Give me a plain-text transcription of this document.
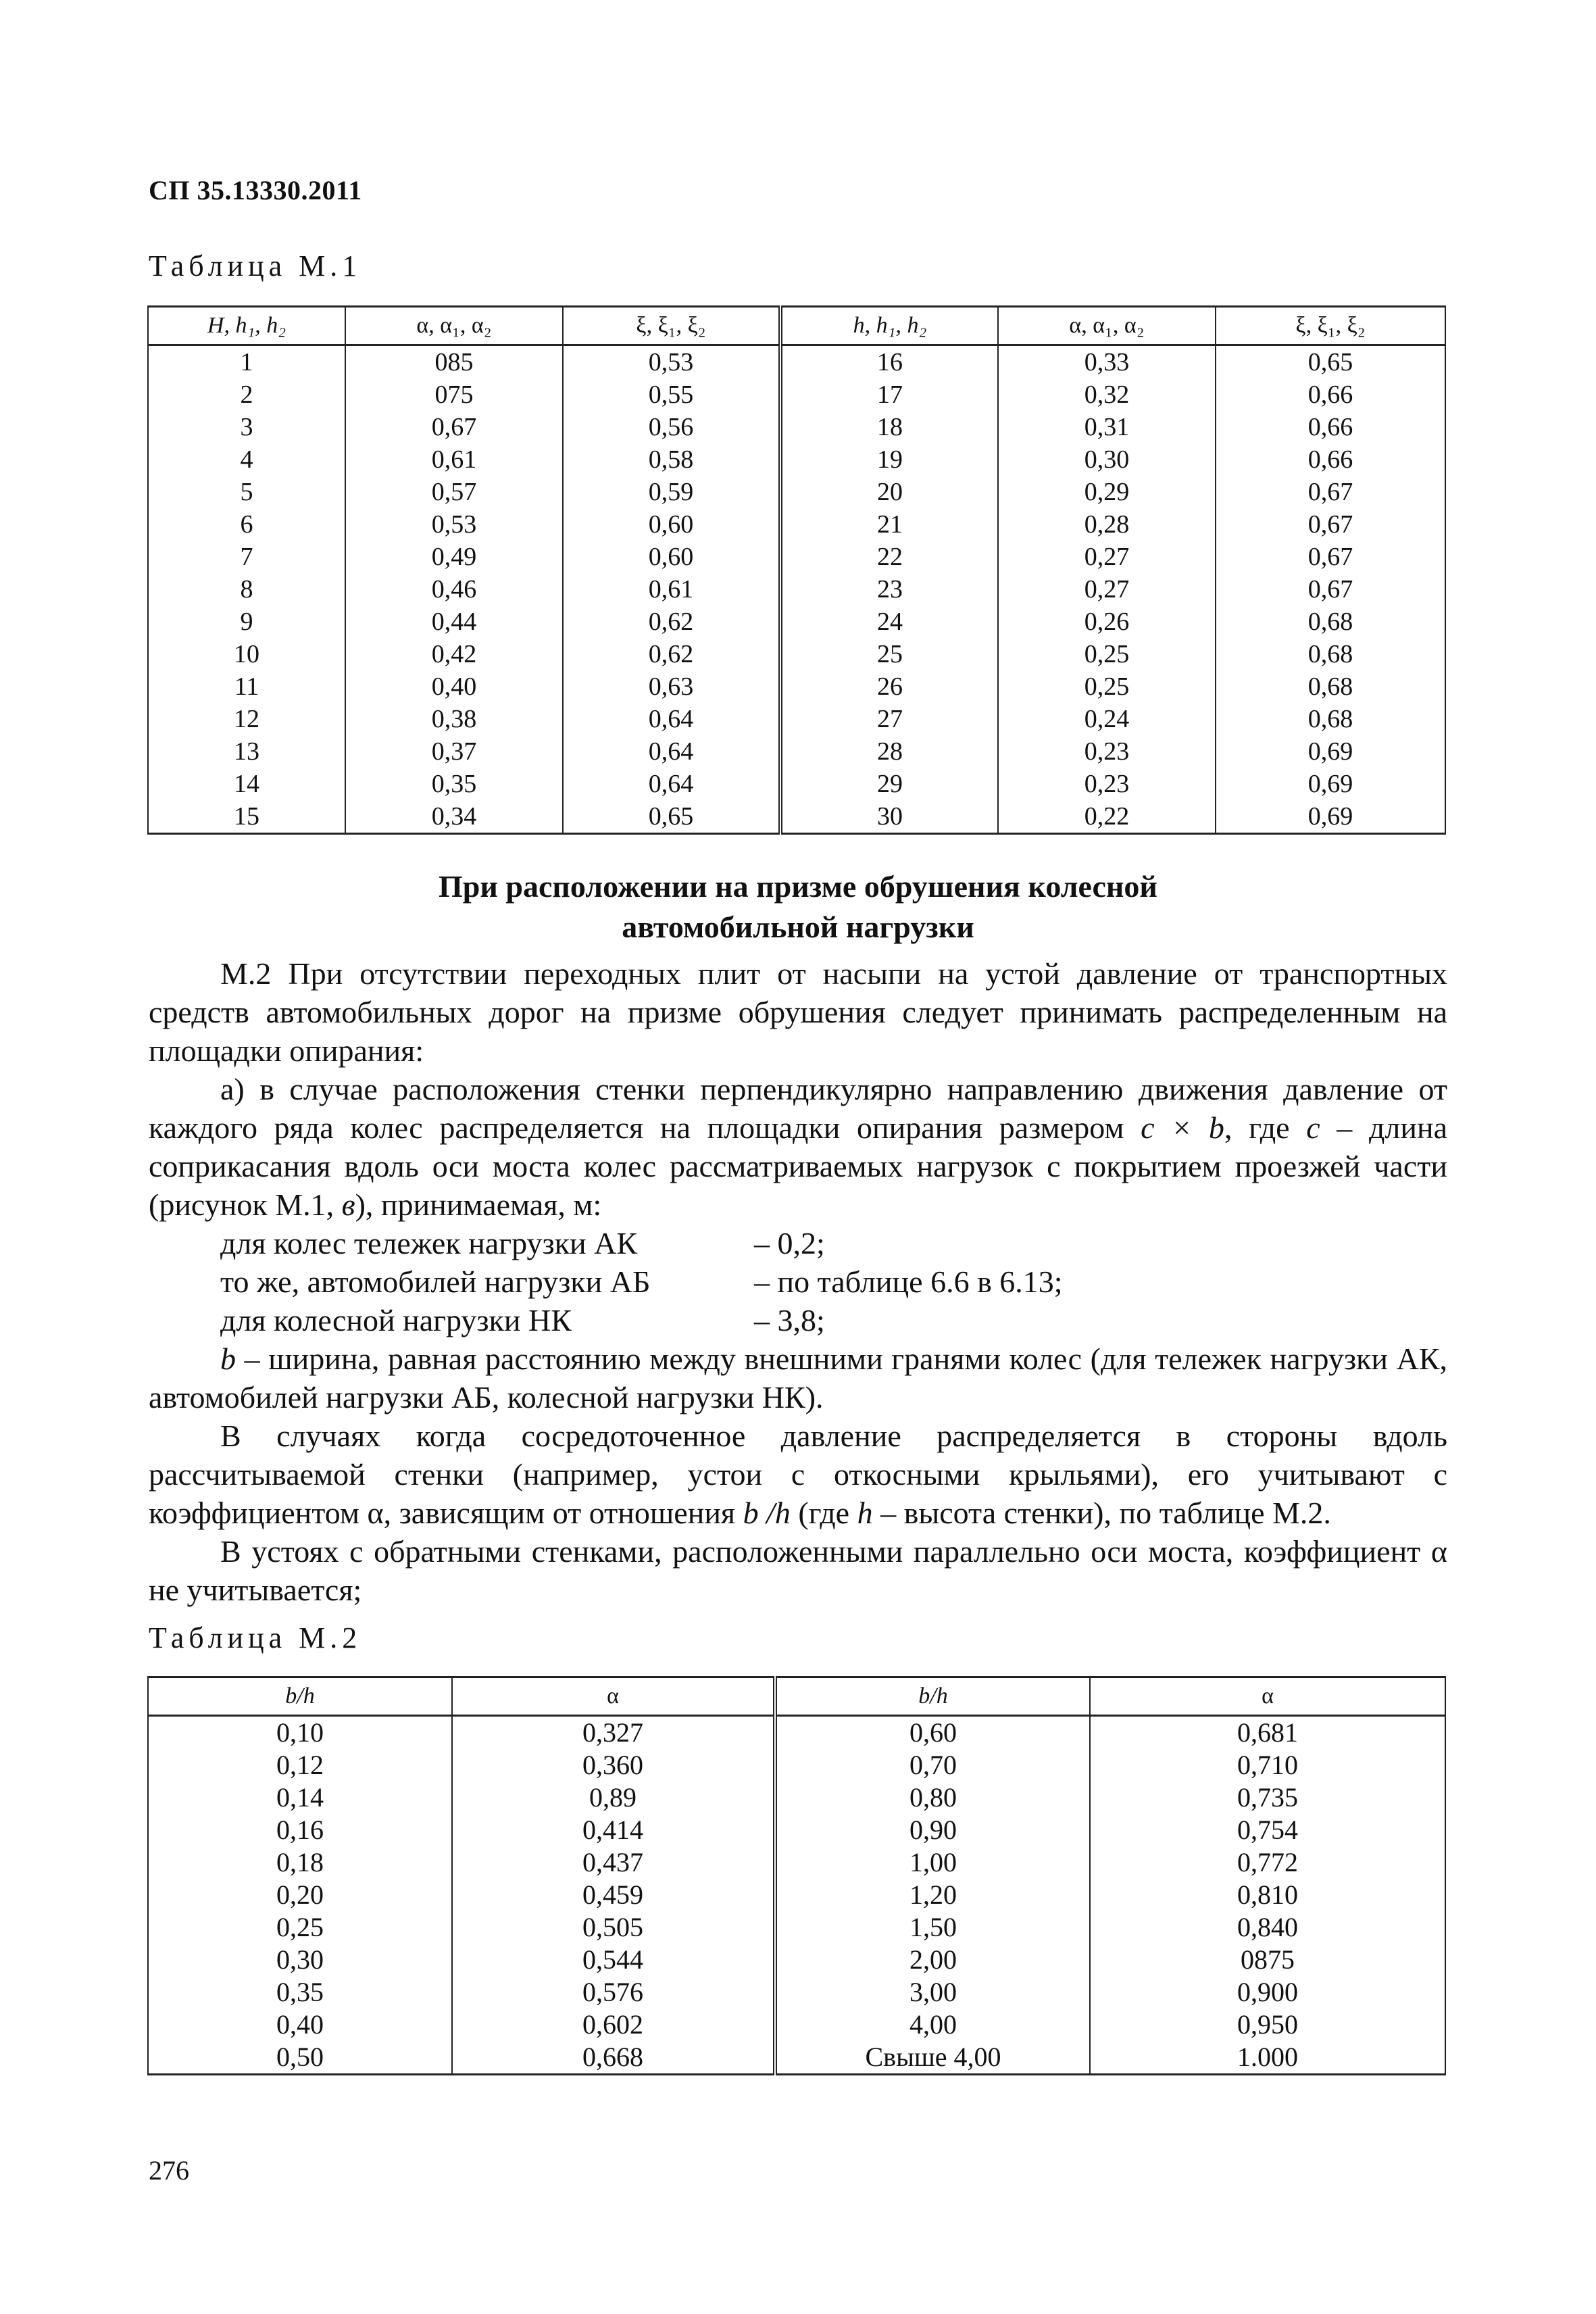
СП 35.13330.2011
Таблица М.1
H, h₁, h₂	α, α₁, α₂	ξ, ξ₁, ξ₂	h, h₁, h₂	α, α₁, α₂	ξ, ξ₁, ξ₂
1	085	0,53	16	0,33	0,65
2	075	0,55	17	0,32	0,66
3	0,67	0,56	18	0,31	0,66
4	0,61	0,58	19	0,30	0,66
5	0,57	0,59	20	0,29	0,67
6	0,53	0,60	21	0,28	0,67
7	0,49	0,60	22	0,27	0,67
8	0,46	0,61	23	0,27	0,67
9	0,44	0,62	24	0,26	0,68
10	0,42	0,62	25	0,25	0,68
11	0,40	0,63	26	0,25	0,68
12	0,38	0,64	27	0,24	0,68
13	0,37	0,64	28	0,23	0,69
14	0,35	0,64	29	0,23	0,69
15	0,34	0,65	30	0,22	0,69
При расположении на призме обрушения колесной
автомобильной нагрузки

М.2 При отсутствии переходных плит от насыпи на устой давление от транспортных средств автомобильных дорог на призме обрушения следует принимать распределенным на площадки опирания:

а) в случае расположения стенки перпендикулярно направлению движения давление от каждого ряда колес распределяется на площадки опирания размером c × b, где c – длина соприкасания вдоль оси моста колес рассматриваемых нагрузок с покрытием проезжей части (рисунок М.1, в), принимаемая, м:

для колес тележек нагрузки АК	– 0,2;
то же, автомобилей нагрузки АБ	– по таблице 6.6 в 6.13;
для колесной нагрузки НК	– 3,8;

b – ширина, равная расстоянию между внешними гранями колес (для тележек нагрузки АК, автомобилей нагрузки АБ, колесной нагрузки НК).

В случаях когда сосредоточенное давление распределяется в стороны вдоль рассчитываемой стенки (например, устои с откосными крыльями), его учитывают с коэффициентом α, зависящим от отношения b /h (где h – высота стенки), по таблице М.2.

В устоях с обратными стенками, расположенными параллельно оси моста, коэффициент α не учитывается;

Таблица М.2
b/h	α	b/h	α
0,10	0,327	0,60	0,681
0,12	0,360	0,70	0,710
0,14	0,89	0,80	0,735
0,16	0,414	0,90	0,754
0,18	0,437	1,00	0,772
0,20	0,459	1,20	0,810
0,25	0,505	1,50	0,840
0,30	0,544	2,00	0875
0,35	0,576	3,00	0,900
0,40	0,602	4,00	0,950
0,50	0,668	Свыше 4,00	1.000
276
